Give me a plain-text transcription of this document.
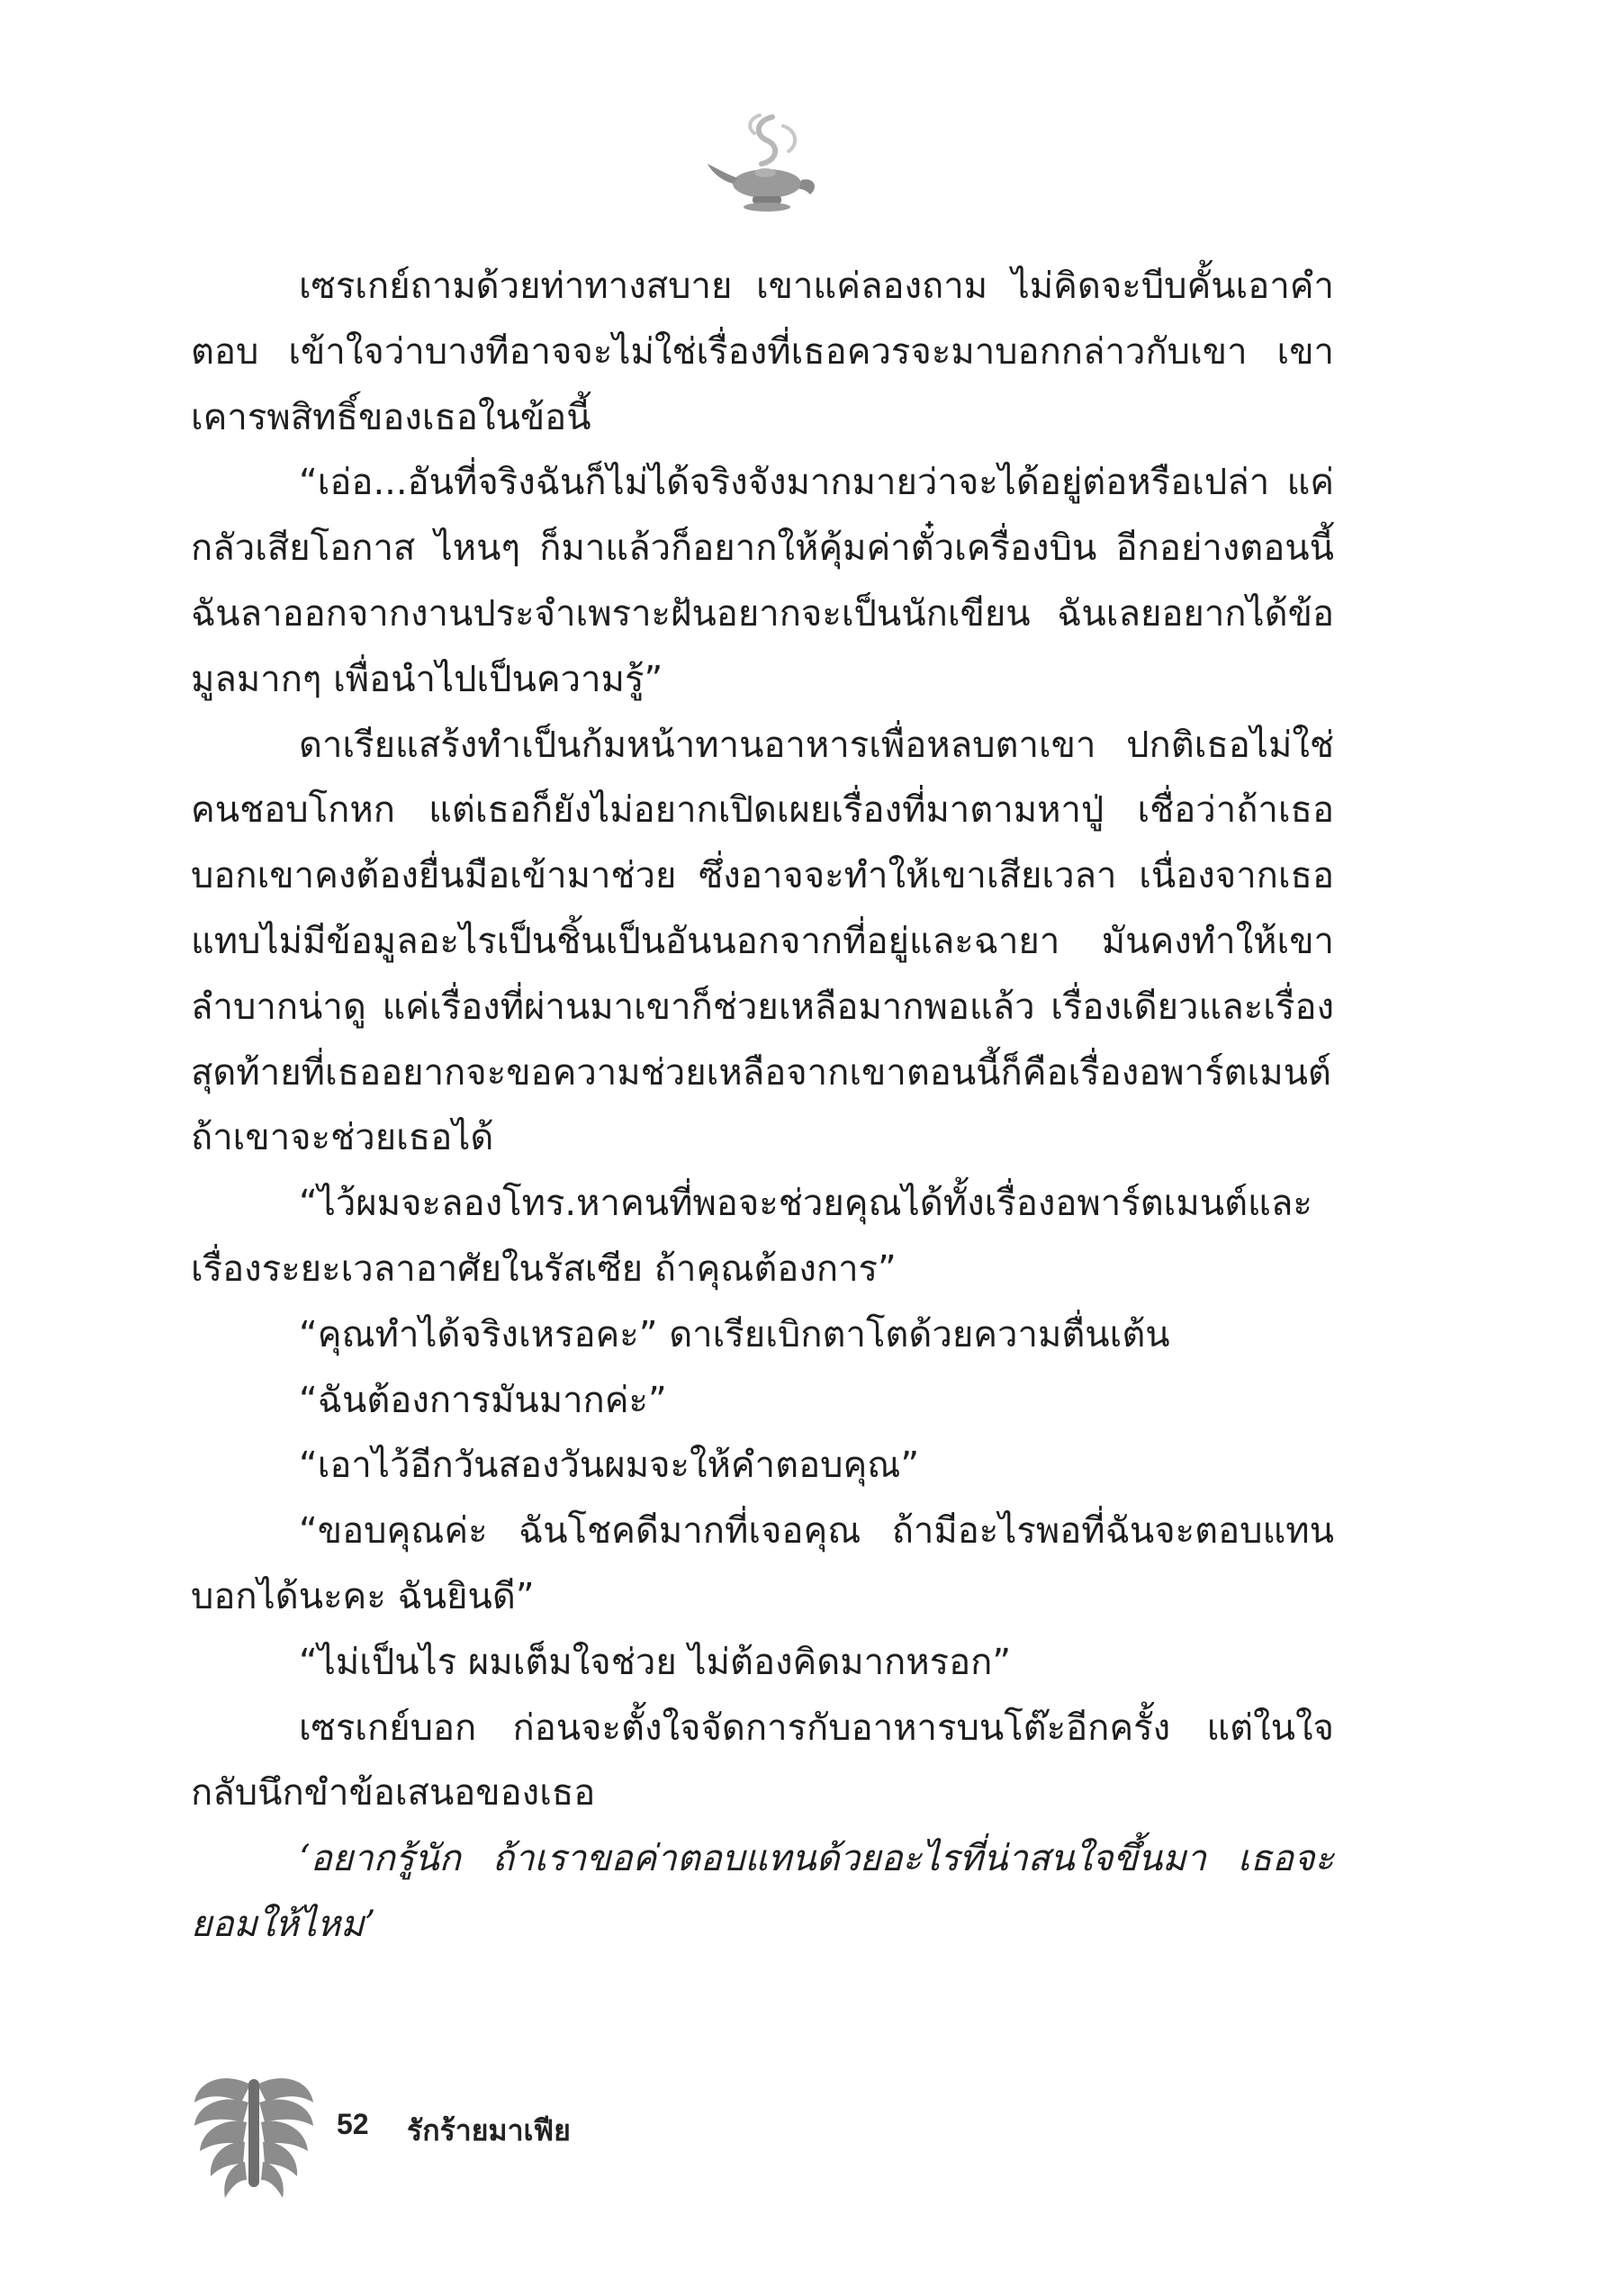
เซรเกย์ถามด้วยท่าทางสบาย เขาแค่ลองถาม ไม่คิดจะบีบคั้นเอาคำตอบ เข้าใจว่าบางทีอาจจะไม่ใช่เรื่องที่เธอควรจะมาบอกกล่าวกับเขา เขาเคารพสิทธิ์ของเธอในข้อนี้

“เอ่อ...อันที่จริงฉันก็ไม่ได้จริงจังมากมายว่าจะได้อยู่ต่อหรือเปล่า แค่กลัวเสียโอกาส ไหนๆ ก็มาแล้วก็อยากให้คุ้มค่าตั๋วเครื่องบิน อีกอย่างตอนนี้ฉันลาออกจากงานประจำเพราะฝันอยากจะเป็นนักเขียน ฉันเลยอยากได้ข้อมูลมากๆ เพื่อนำไปเป็นความรู้”

ดาเรียแสร้งทำเป็นก้มหน้าทานอาหารเพื่อหลบตาเขา ปกติเธอไม่ใช่คนชอบโกหก แต่เธอก็ยังไม่อยากเปิดเผยเรื่องที่มาตามหาปู่ เชื่อว่าถ้าเธอบอกเขาคงต้องยื่นมือเข้ามาช่วย ซึ่งอาจจะทำให้เขาเสียเวลา เนื่องจากเธอแทบไม่มีข้อมูลอะไรเป็นชิ้นเป็นอันนอกจากที่อยู่และฉายา มันคงทำให้เขาลำบากน่าดู แค่เรื่องที่ผ่านมาเขาก็ช่วยเหลือมากพอแล้ว เรื่องเดียวและเรื่องสุดท้ายที่เธออยากจะขอความช่วยเหลือจากเขาตอนนี้ก็คือเรื่องอพาร์ตเมนต์ ถ้าเขาจะช่วยเธอได้

“ไว้ผมจะลองโทร.หาคนที่พอจะช่วยคุณได้ทั้งเรื่องอพาร์ตเมนต์และเรื่องระยะเวลาอาศัยในรัสเซีย ถ้าคุณต้องการ”

“คุณทำได้จริงเหรอคะ” ดาเรียเบิกตาโตด้วยความตื่นเต้น

“ฉันต้องการมันมากค่ะ”

“เอาไว้อีกวันสองวันผมจะให้คำตอบคุณ”

“ขอบคุณค่ะ ฉันโชคดีมากที่เจอคุณ ถ้ามีอะไรพอที่ฉันจะตอบแทนบอกได้นะคะ ฉันยินดี”

“ไม่เป็นไร ผมเต็มใจช่วย ไม่ต้องคิดมากหรอก”

เซรเกย์บอก ก่อนจะตั้งใจจัดการกับอาหารบนโต๊ะอีกครั้ง แต่ในใจกลับนึกขำข้อเสนอของเธอ

‘อยากรู้นัก ถ้าเราขอค่าตอบแทนด้วยอะไรที่น่าสนใจขึ้นมา เธอจะยอมให้ไหม’

52 รักร้ายมาเฟีย
